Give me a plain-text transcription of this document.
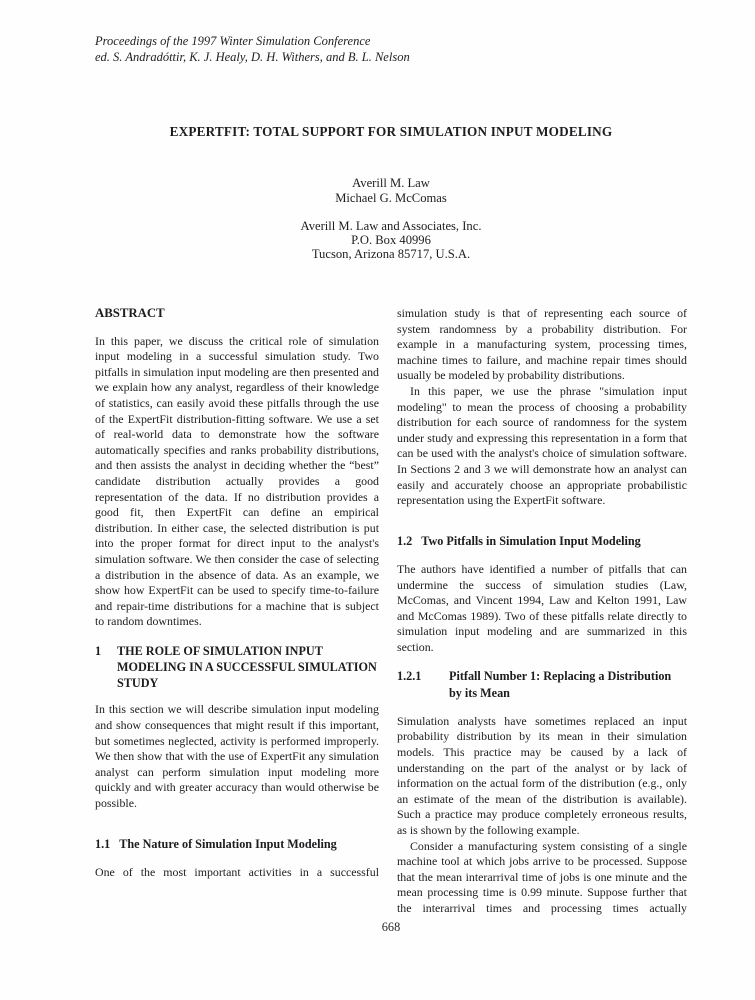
Proceedings of the 1997 Winter Simulation Conference
ed. S. Andradóttir, K. J. Healy, D. H. Withers, and B. L. Nelson
EXPERTFIT: TOTAL SUPPORT FOR SIMULATION INPUT MODELING
Averill M. Law
Michael G. McComas
Averill M. Law and Associates, Inc.
P.O. Box 40996
Tucson, Arizona 85717, U.S.A.
ABSTRACT

In this paper, we discuss the critical role of simulation input modeling in a successful simulation study. Two pitfalls in simulation input modeling are then presented and we explain how any analyst, regardless of their knowledge of statistics, can easily avoid these pitfalls through the use of the ExpertFit distribution-fitting software. We use a set of real-world data to demonstrate how the software automatically specifies and ranks probability distributions, and then assists the analyst in deciding whether the “best” candidate distribution actually provides a good representation of the data. If no distribution provides a good fit, then ExpertFit can define an empirical distribution. In either case, the selected distribution is put into the proper format for direct input to the analyst's simulation software. We then consider the case of selecting a distribution in the absence of data. As an example, we show how ExpertFit can be used to specify time-to-failure and repair-time distributions for a machine that is subject to random downtimes.

1	THE ROLE OF SIMULATION INPUT MODELING IN A SUCCESSFUL SIMULATION STUDY

In this section we will describe simulation input modeling and show consequences that might result if this important, but sometimes neglected, activity is performed improperly. We then show that with the use of ExpertFit any simulation analyst can perform simulation input modeling more quickly and with greater accuracy than would otherwise be possible.

1.1 The Nature of Simulation Input Modeling

One of the most important activities in a successful

simulation study is that of representing each source of system randomness by a probability distribution. For example in a manufacturing system, processing times, machine times to failure, and machine repair times should usually be modeled by probability distributions.

In this paper, we use the phrase "simulation input modeling" to mean the process of choosing a probability distribution for each source of randomness for the system under study and expressing this representation in a form that can be used with the analyst's choice of simulation software. In Sections 2 and 3 we will demonstrate how an analyst can easily and accurately choose an appropriate probabilistic representation using the ExpertFit software.

1.2 Two Pitfalls in Simulation Input Modeling

The authors have identified a number of pitfalls that can undermine the success of simulation studies (Law, McComas, and Vincent 1994, Law and Kelton 1991, Law and McComas 1989). Two of these pitfalls relate directly to simulation input modeling and are summarized in this section.

1.2.1	Pitfall Number 1: Replacing a Distribution by its Mean

Simulation analysts have sometimes replaced an input probability distribution by its mean in their simulation models. This practice may be caused by a lack of understanding on the part of the analyst or by lack of information on the actual form of the distribution (e.g., only an estimate of the mean of the distribution is available). Such a practice may produce completely erroneous results, as is shown by the following example.

Consider a manufacturing system consisting of a single machine tool at which jobs arrive to be processed. Suppose that the mean interarrival time of jobs is one minute and the mean processing time is 0.99 minute. Suppose further that the interarrival times and processing times actually

668
